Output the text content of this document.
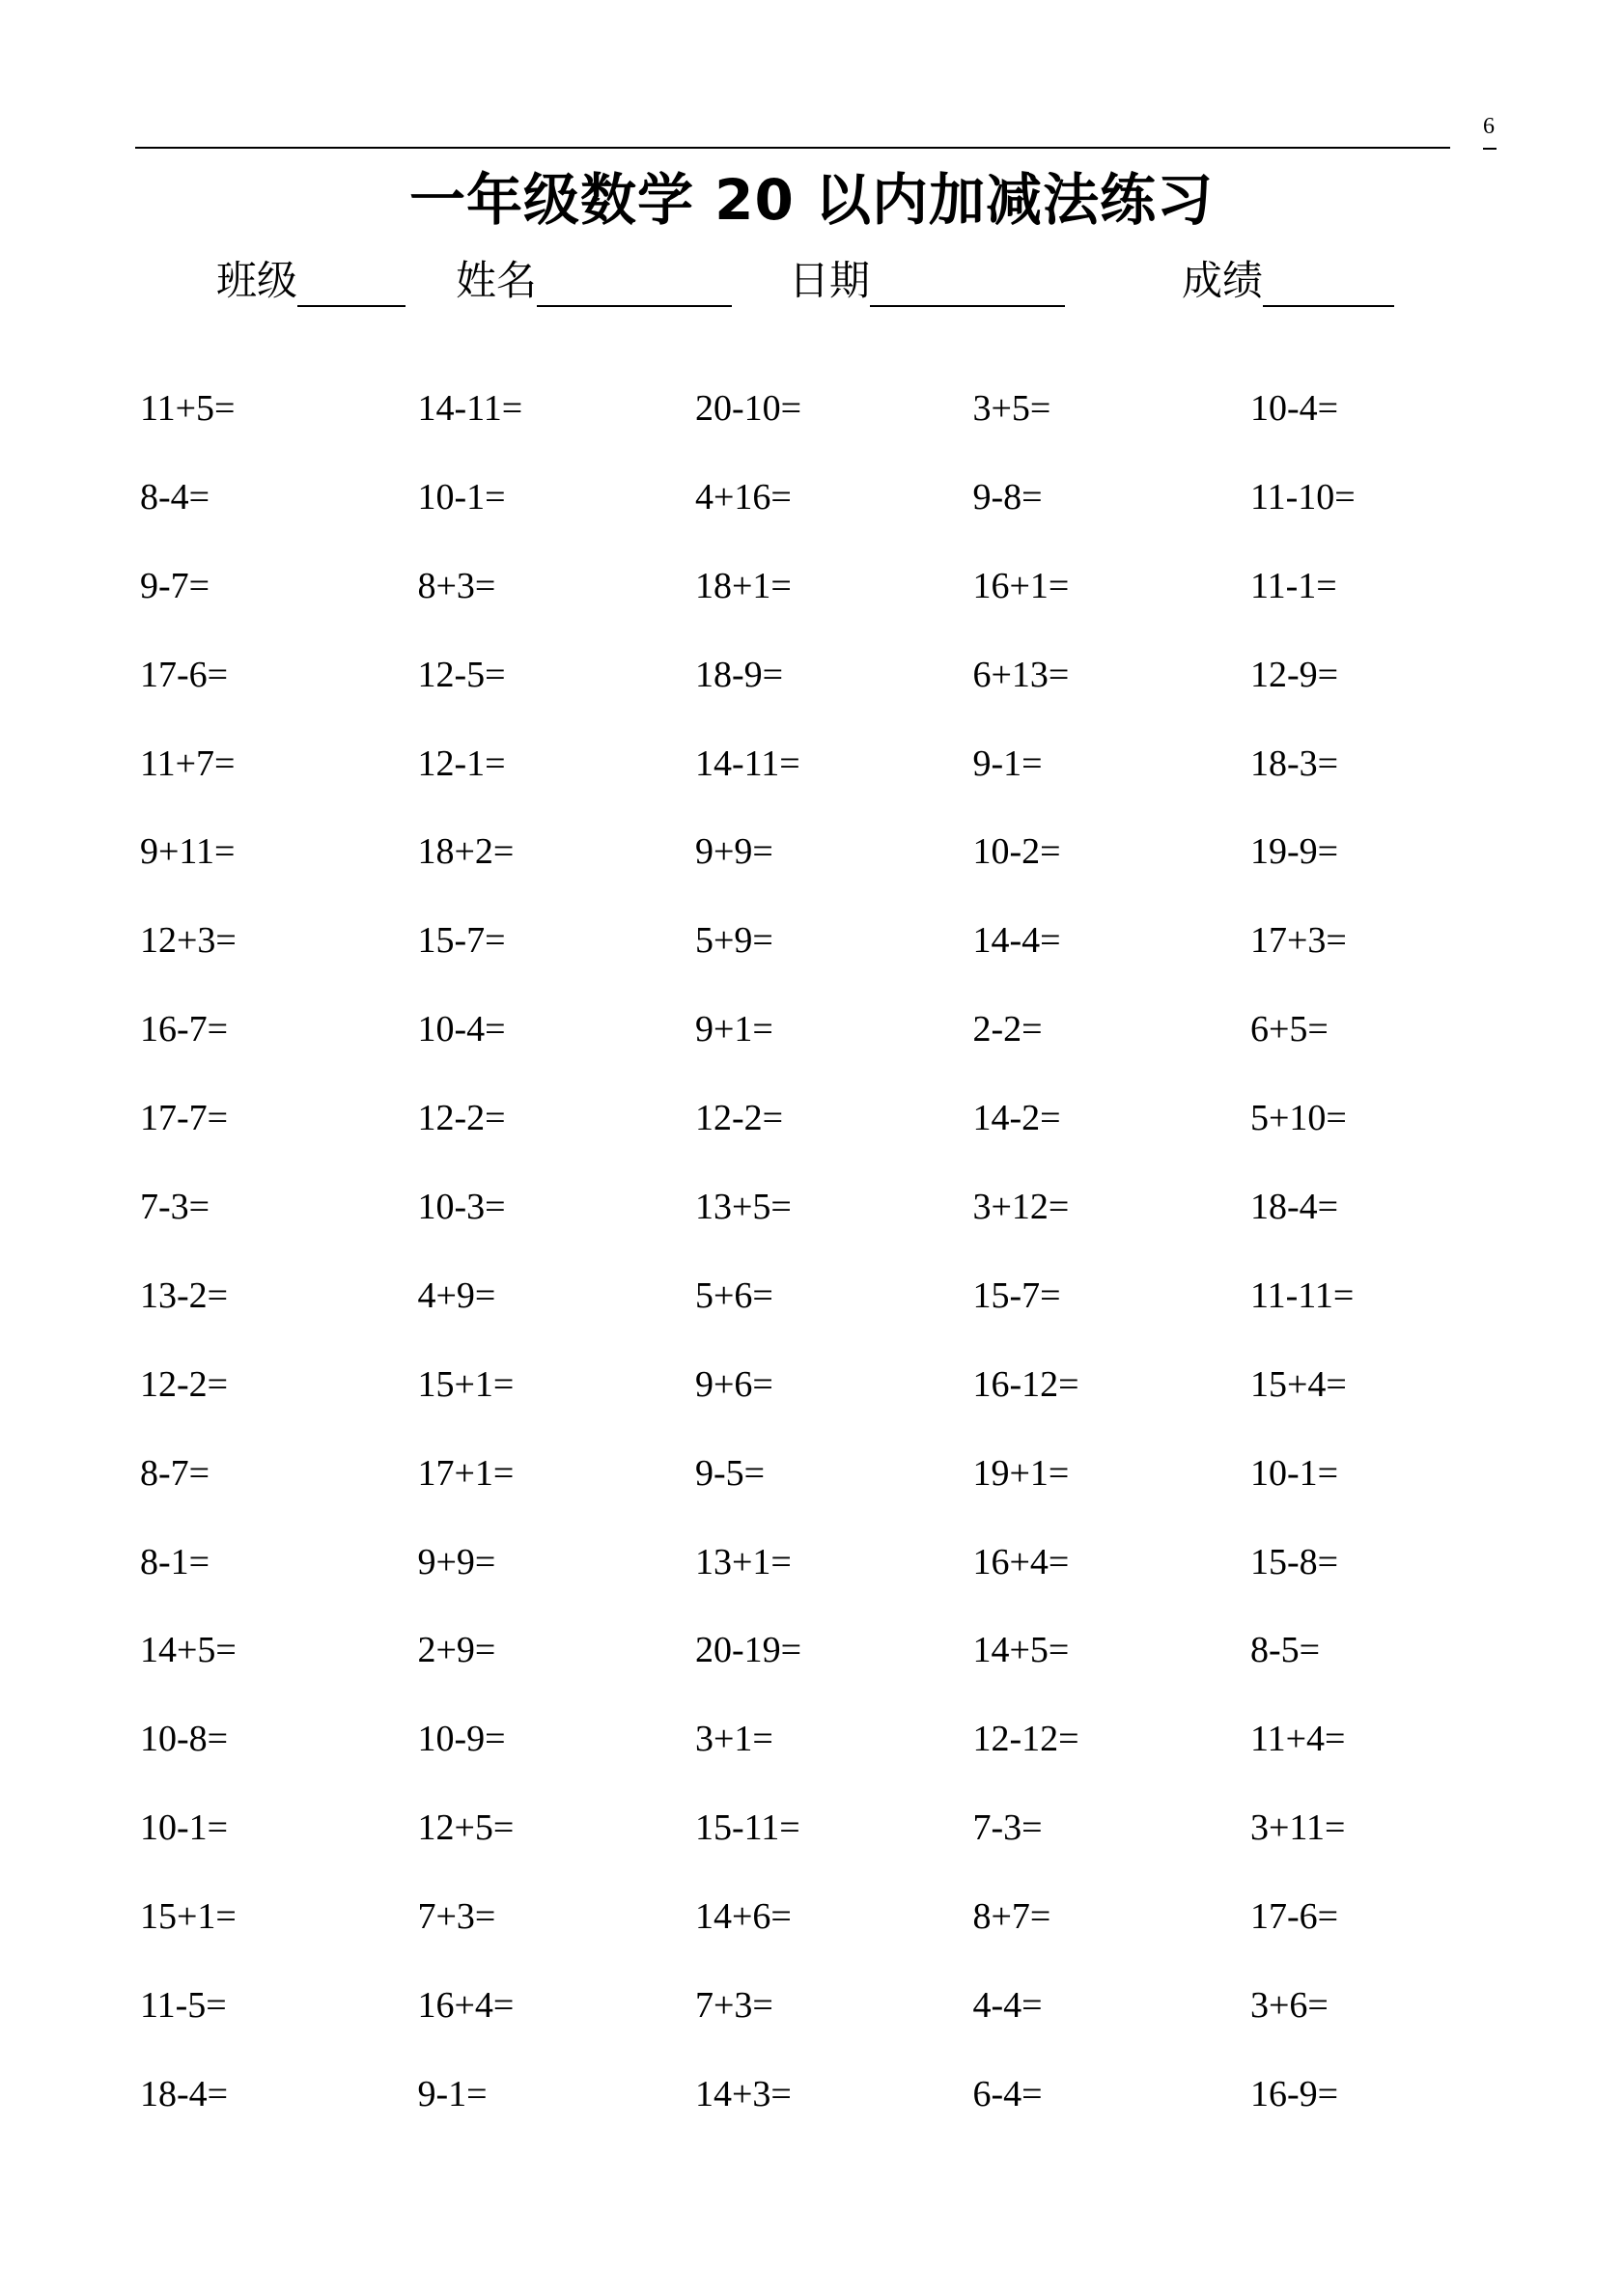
6
一年级数学 20 以内加减法练习
班级	姓名	日期	成绩
11+5=	14-11=	20-10=	3+5=	10-4=
8-4=	10-1=	4+16=	9-8=	11-10=
9-7=	8+3=	18+1=	16+1=	11-1=
17-6=	12-5=	18-9=	6+13=	12-9=
11+7=	12-1=	14-11=	9-1=	18-3=
9+11=	18+2=	9+9=	10-2=	19-9=
12+3=	15-7=	5+9=	14-4=	17+3=
16-7=	10-4=	9+1=	2-2=	6+5=
17-7=	12-2=	12-2=	14-2=	5+10=
7-3=	10-3=	13+5=	3+12=	18-4=
13-2=	4+9=	5+6=	15-7=	11-11=
12-2=	15+1=	9+6=	16-12=	15+4=
8-7=	17+1=	9-5=	19+1=	10-1=
8-1=	9+9=	13+1=	16+4=	15-8=
14+5=	2+9=	20-19=	14+5=	8-5=
10-8=	10-9=	3+1=	12-12=	11+4=
10-1=	12+5=	15-11=	7-3=	3+11=
15+1=	7+3=	14+6=	8+7=	17-6=
11-5=	16+4=	7+3=	4-4=	3+6=
18-4=	9-1=	14+3=	6-4=	16-9=
